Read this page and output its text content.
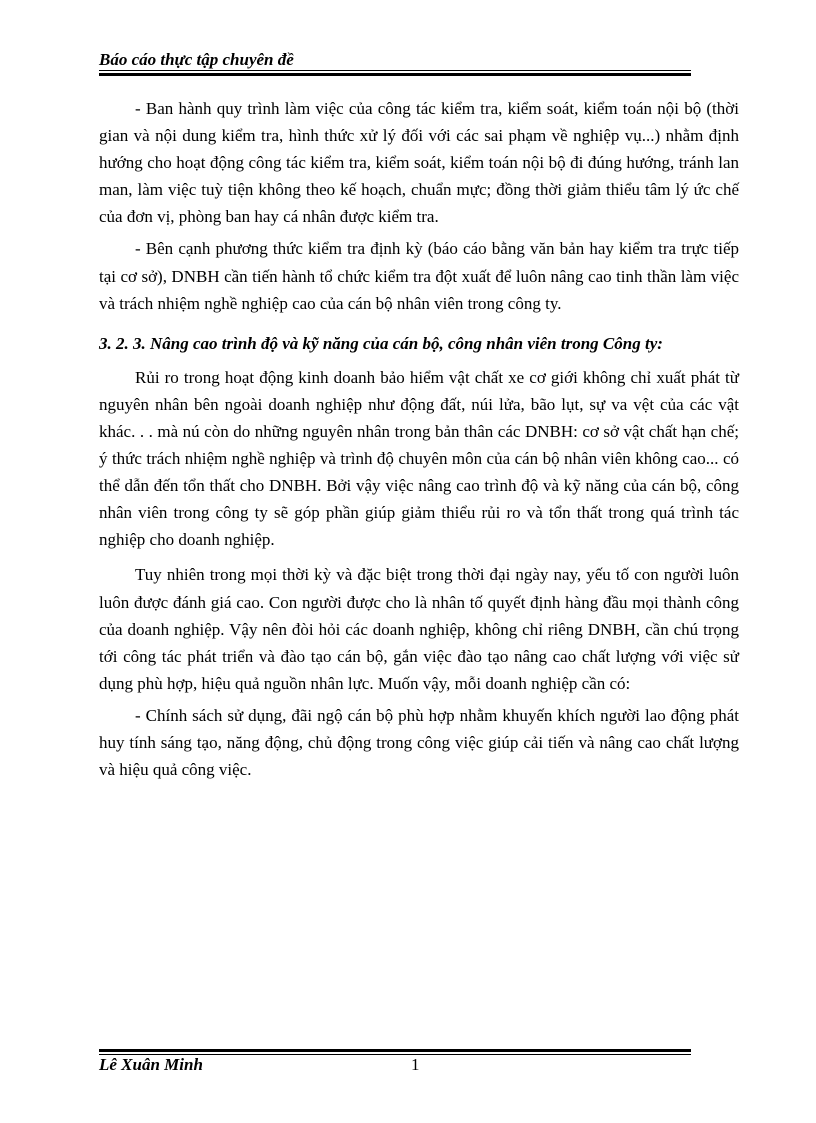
Báo cáo thực tập chuyên đề

- Ban hành quy trình làm việc của công tác kiểm tra, kiểm soát, kiểm toán nội bộ (thời gian và nội dung kiểm tra, hình thức xử lý đối với các sai phạm về nghiệp vụ...) nhằm định hướng cho hoạt động công tác kiểm tra, kiểm soát, kiểm toán nội bộ đi đúng hướng, tránh lan man, làm việc tuỳ tiện không theo kế hoạch, chuẩn mực; đồng thời giảm thiểu tâm lý ức chế của đơn vị, phòng ban hay cá nhân được kiểm tra.

- Bên cạnh phương thức kiểm tra định kỳ (báo cáo bằng văn bản hay kiểm tra trực tiếp tại cơ sở), DNBH cần tiến hành tổ chức kiểm tra đột xuất để luôn nâng cao tinh thần làm việc và trách nhiệm nghề nghiệp cao của cán bộ nhân viên trong công ty.

3. 2. 3. Nâng cao trình độ và kỹ năng của cán bộ, công nhân viên trong Công ty:

Rủi ro trong hoạt động kinh doanh bảo hiểm vật chất xe cơ giới không chỉ xuất phát từ nguyên nhân bên ngoài doanh nghiệp như động đất, núi lửa, bão lụt, sự va vệt của các vật khác. . . mà nú còn do những nguyên nhân trong bản thân các DNBH: cơ sở vật chất hạn chế; ý thức trách nhiệm nghề nghiệp và trình độ chuyên môn của cán bộ nhân viên không cao... có thể dẫn đến tổn thất cho DNBH. Bởi vậy việc nâng cao trình độ và kỹ năng của cán bộ, công nhân viên trong công ty sẽ góp phần giúp giảm thiểu rủi ro và tổn thất trong quá trình tác nghiệp cho doanh nghiệp.

Tuy nhiên trong mọi thời kỳ và đặc biệt trong thời đại ngày nay, yếu tố con người luôn luôn được đánh giá cao. Con người được cho là nhân tố quyết định hàng đầu mọi thành công của doanh nghiệp. Vậy nên đòi hỏi các doanh nghiệp, không chỉ riêng DNBH, cần chú trọng tới công tác phát triển và đào tạo cán bộ, gắn việc đào tạo nâng cao chất lượng với việc sử dụng phù hợp, hiệu quả nguồn nhân lực. Muốn vậy, mỗi doanh nghiệp cần có:

- Chính sách sử dụng, đãi ngộ cán bộ phù hợp nhằm khuyến khích người lao động phát huy tính sáng tạo, năng động, chủ động trong công việc giúp cải tiến và nâng cao chất lượng và hiệu quả công việc.

Lê Xuân Minh	1
